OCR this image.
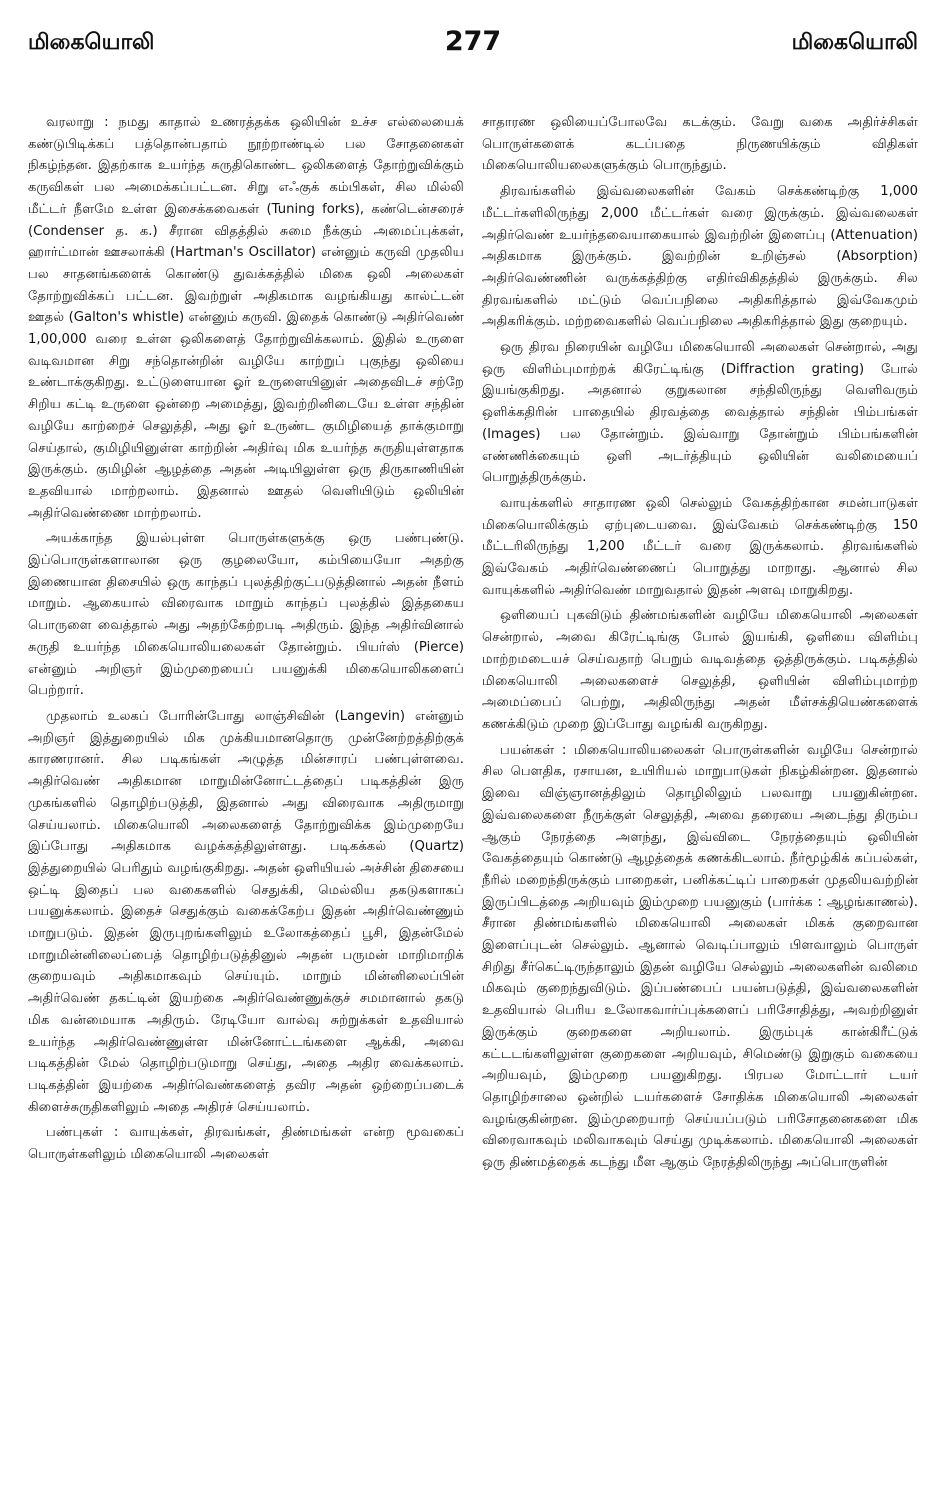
மிகையொலி	277	மிகையொலி

வரலாறு : நமது காதால் உணரத்தக்க ஒலியின் உச்ச எல்லையைக் கண்டுபிடிக்கப் பத்தொன்பதாம் நூற்றாண்டில் பல சோதனைகள் நிகழ்ந்தன. இதற்காக உயர்ந்த சுருதிகொண்ட ஒலிகளைத் தோற்றுவிக்கும் கருவிகள் பல அமைக்கப்பட்டன. சிறு எஃகுக் கம்பிகள், சில மில்லி மீட்டர் நீளமே உள்ள இசைக்கவைகள் (Tuning forks), கண்டென்சரைச் (Condenser த. க.) சீரான விதத்தில் சுமை நீக்கும் அமைப்புக்கள், ஹார்ட்மான் ஊசலாக்கி (Hartman's Oscillator) என்னும் கருவி முதலிய பல சாதனங்களைக் கொண்டு துவக்கத்தில் மிகை ஒலி அலைகள் தோற்றுவிக்கப் பட்டன. இவற்றுள் அதிகமாக வழங்கியது கால்ட்டன் ஊதல் (Galton's whistle) என்னும் கருவி. இதைக் கொண்டு அதிர்வெண் 1,00,000 வரை உள்ள ஒலிகளைத் தோற்றுவிக்கலாம். இதில் உருளை வடிவமான சிறு சந்தொன்றின் வழியே காற்றுப் புகுந்து ஒலியை உண்டாக்குகிறது. உட்டுளையான ஓர் உருளையினுள் அதைவிடச் சற்றே சிறிய கட்டி உருளை ஒன்றை அமைத்து, இவற்றினிடையே உள்ள சந்தின் வழியே காற்றைச் செலுத்தி, அது ஓர் உருண்ட குமிழியைத் தாக்குமாறு செய்தால், குமிழியினுள்ள காற்றின் அதிர்வு மிக உயர்ந்த சுருதியுள்ளதாக இருக்கும். குமிழின் ஆழத்தை அதன் அடியிலுள்ள ஒரு திருகாணியின் உதவியால் மாற்றலாம். இதனால் ஊதல் வெளியிடும் ஒலியின் அதிர்வெண்ணை மாற்றலாம்.

அயக்காந்த இயல்புள்ள பொருள்களுக்கு ஒரு பண்புண்டு. இப்பொருள்களாலான ஒரு குழலையோ, கம்பியையோ அதற்கு இணையான திசையில் ஒரு காந்தப் புலத்திற்குட்படுத்தினால் அதன் நீளம் மாறும். ஆகையால் விரைவாக மாறும் காந்தப் புலத்தில் இத்தகைய பொருளை வைத்தால் அது அதற்கேற்றபடி அதிரும். இந்த அதிர்வினால் சுருதி உயர்ந்த மிகையொலியலைகள் தோன்றும். பியர்ஸ் (Pierce) என்னும் அறிஞர் இம்முறையைப் பயனுக்கி மிகையொலிகளைப் பெற்றார்.

முதலாம் உலகப் போரின்போது லாஞ்சிவின் (Langevin) என்னும் அறிஞர் இத்துறையில் மிக முக்கியமானதொரு முன்னேற்றத்திற்குக் காரணரானர். சில படிகங்கள் அழுத்த மின்சாரப் பண்புள்ளவை. அதிர்வெண் அதிகமான மாறுமின்னோட்டத்தைப் படிகத்தின் இரு முகங்களில் தொழிற்படுத்தி, இதனால் அது விரைவாக அதிருமாறு செய்யலாம். மிகையொலி அலைகளைத் தோற்றுவிக்க இம்முறையே இப்போது அதிகமாக வழக்கத்திலுள்ளது. படிகக்கல் (Quartz) இத்துறையில் பெரிதும் வழங்குகிறது. அதன் ஒளியியல் அச்சின் திசையை ஒட்டி இதைப் பல வகைகளில் செதுக்கி, மெல்லிய தகடுகளாகப் பயனுக்கலாம். இதைச் செதுக்கும் வகைக்கேற்ப இதன் அதிர்வெண்ணும் மாறுபடும். இதன் இருபுறங்களிலும் உலோகத்தைப் பூசி, இதன்மேல் மாறுமின்னிலைப்பைத் தொழிற்படுத்தினுல் அதன் பருமன் மாறிமாறிக் குறையவும் அதிகமாகவும் செய்யும். மாறும் மின்னிலைப்பின் அதிர்வெண் தகட்டின் இயற்கை அதிர்வெண்ணுக்குச் சமமானால் தகடு மிக வன்மையாக அதிரும். ரேடியோ வால்வு சுற்றுக்கள் உதவியால் உயர்ந்த அதிர்வெண்ணுள்ள மின்னோட்டங்களை ஆக்கி, அவை படிகத்தின் மேல் தொழிற்படுமாறு செய்து, அதை அதிர வைக்கலாம். படிகத்தின் இயற்கை அதிர்வெண்களைத் தவிர அதன் ஒற்றைப்படைக் கிளைச்சுருதிகளிலும் அதை அதிரச் செய்யலாம்.

பண்புகள் : வாயுக்கள், திரவங்கள், திண்மங்கள் என்ற மூவகைப் பொருள்களிலும் மிகையொலி அலைகள்

சாதாரண ஒலியைப்போலவே கடக்கும். வேறு வகை அதிர்ச்சிகள் பொருள்களைக் கடப்பதை நிருணயிக்கும் விதிகள் மிகையொலியலைகளுக்கும் பொருந்தும்.

திரவங்களில் இவ்வலைகளின் வேகம் செக்கண்டிற்கு 1,000 மீட்டர்களிலிருந்து 2,000 மீட்டர்கள் வரை இருக்கும். இவ்வலைகள் அதிர்வெண் உயர்ந்தவையாகையால் இவற்றின் இளைப்பு (Attenuation) அதிகமாக இருக்கும். இவற்றின் உறிஞ்சல் (Absorption) அதிர்வெண்ணின் வருக்கத்திற்கு எதிர்விகிதத்தில் இருக்கும். சில திரவங்களில் மட்டும் வெப்பநிலை அதிகரித்தால் இவ்வேகமும் அதிகரிக்கும். மற்றவைகளில் வெப்பநிலை அதிகரித்தால் இது குறையும்.

ஒரு திரவ நிரையின் வழியே மிகையொலி அலைகள் சென்றால், அது ஒரு விளிம்புமாற்றக் கிரேட்டிங்கு (Diffraction grating) போல் இயங்குகிறது. அதனால் குறுகலான சந்திலிருந்து வெளிவரும் ஒளிக்கதிரின் பாதையில் திரவத்தை வைத்தால் சந்தின் பிம்பங்கள் (Images) பல தோன்றும். இவ்வாறு தோன்றும் பிம்பங்களின் எண்ணிக்கையும் ஒளி அடர்த்தியும் ஒலியின் வலிமையைப் பொறுத்திருக்கும்.

வாயுக்களில் சாதாரண ஒலி செல்லும் வேகத்திற்கான சமன்பாடுகள் மிகையொலிக்கும் ஏற்புடையவை. இவ்வேகம் செக்கண்டிற்கு 150 மீட்டரிலிருந்து 1,200 மீட்டர் வரை இருக்கலாம். திரவங்களில் இவ்வேகம் அதிர்வெண்ணைப் பொறுத்து மாறாது. ஆனால் சில வாயுக்களில் அதிர்வெண் மாறுவதால் இதன் அளவு மாறுகிறது.

ஒளியைப் புகவிடும் திண்மங்களின் வழியே மிகையொலி அலைகள் சென்றால், அவை கிரேட்டிங்கு போல் இயங்கி, ஒளியை விளிம்பு மாற்றமடையச் செய்வதாற் பெறும் வடிவத்தை ஒத்திருக்கும். படிகத்தில் மிகையொலி அலைகளைச் செலுத்தி, ஒளியின் விளிம்புமாற்ற அமைப்பைப் பெற்று, அதிலிருந்து அதன் மீள்சக்தியெண்களைக் கணக்கிடும் முறை இப்போது வழங்கி வருகிறது.

பயன்கள் : மிகையொலியலைகள் பொருள்களின் வழியே சென்றால் சில பௌதிக, ரசாயன, உயிரியல் மாறுபாடுகள் நிகழ்கின்றன. இதனால் இவை விஞ்ஞானத்திலும் தொழிலிலும் பலவாறு பயனுகின்றன. இவ்வலைகளை நீருக்குள் செலுத்தி, அவை தரையை அடைந்து திரும்ப ஆகும் நேரத்தை அளந்து, இவ்விடை நேரத்தையும் ஒலியின் வேகத்தையும் கொண்டு ஆழத்தைக் கணக்கிடலாம். நீர்மூழ்கிக் கப்பல்கள், நீரில் மறைந்திருக்கும் பாறைகள், பனிக்கட்டிப் பாறைகள் முதலியவற்றின் இருப்பிடத்தை அறியவும் இம்முறை பயனுகும் (பார்க்க : ஆழங்காணல்). சீரான திண்மங்களில் மிகையொலி அலைகள் மிகக் குறைவான இளைப்புடன் செல்லும். ஆனால் வெடிப்பாலும் பிளவாலும் பொருள் சிறிது சீர்கெட்டிருந்தாலும் இதன் வழியே செல்லும் அலைகளின் வலிமை மிகவும் குறைந்துவிடும். இப்பண்பைப் பயன்படுத்தி, இவ்வலைகளின் உதவியால் பெரிய உலோகவார்ப்புக்களைப் பரிசோதித்து, அவற்றினுள் இருக்கும் குறைகளை அறியலாம். இரும்புக் கான்கிரீட்டுக் கட்டடங்களிலுள்ள குறைகளை அறியவும், சிமெண்டு இறுகும் வகையை அறியவும், இம்முறை பயனுகிறது. பிரபல மோட்டார் டயர் தொழிற்சாலை ஒன்றில் டயர்களைச் சோதிக்க மிகையொலி அலைகள் வழங்குகின்றன. இம்முறையாற் செய்யப்படும் பரிசோதனைகளை மிக விரைவாகவும் மலிவாகவும் செய்து முடிக்கலாம். மிகையொலி அலைகள் ஒரு திண்மத்தைக் கடந்து மீள ஆகும் நேரத்திலிருந்து அப்பொருளின்
